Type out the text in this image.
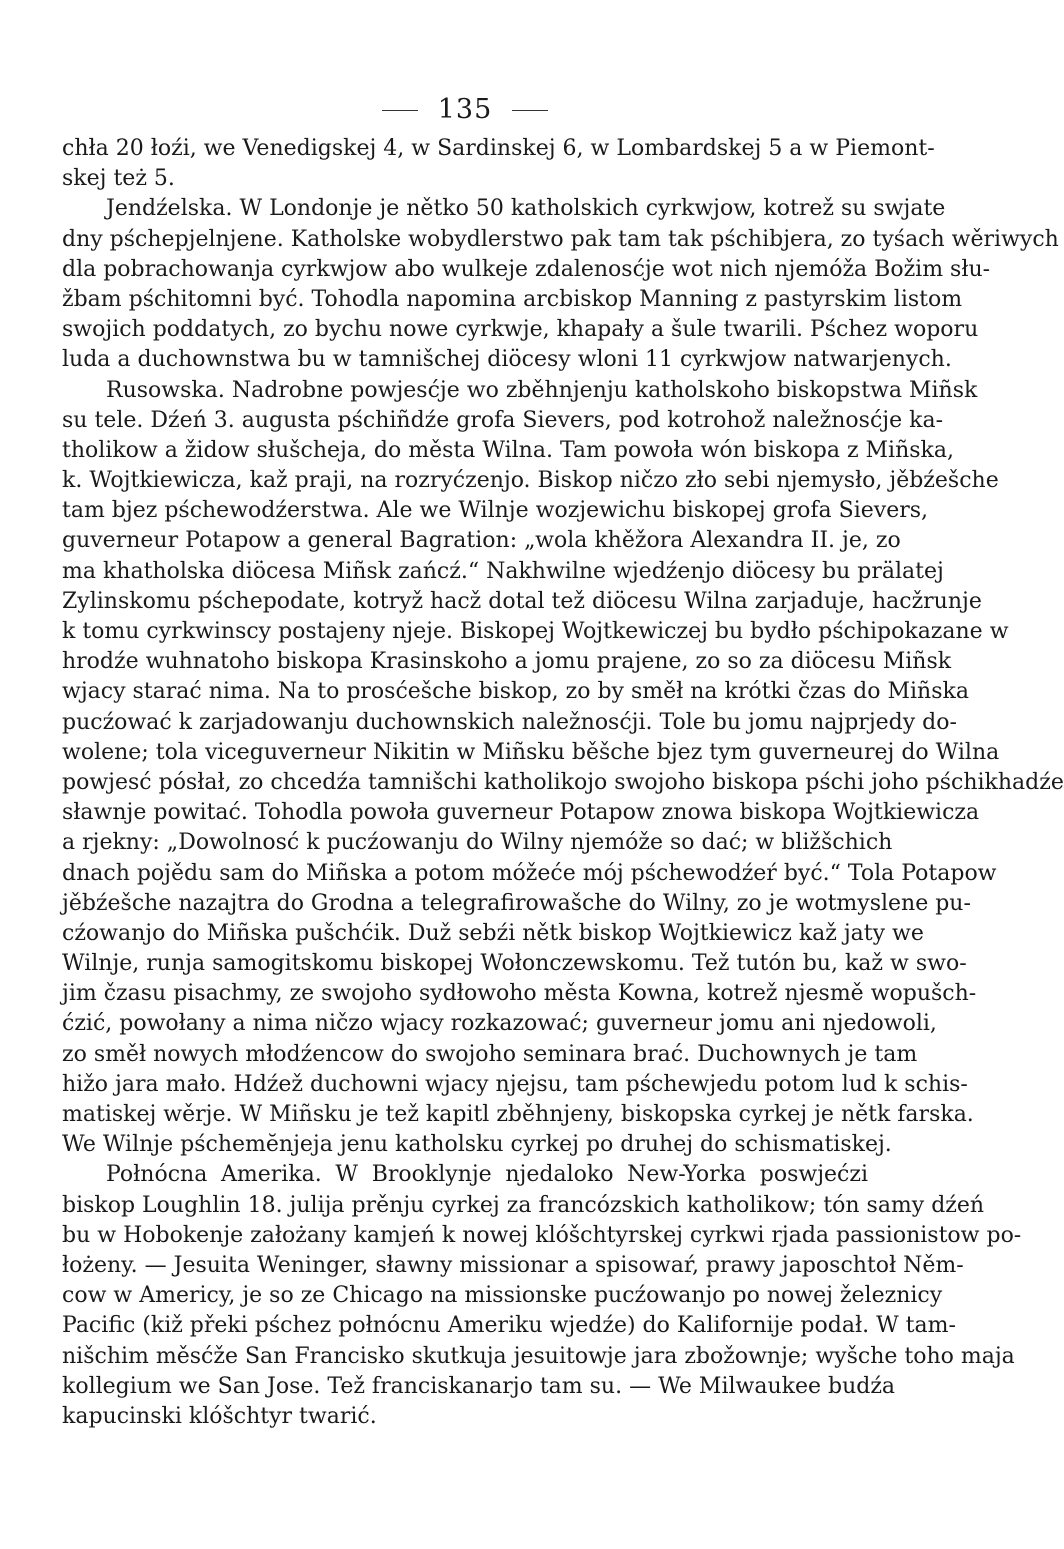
135
chła 20 łoźi, we Venedigskej 4, w Sardinskej 6, w Lombardskej 5 a w Piemont-
skej też 5.
Jendźelska. W Londonje je nětko 50 katholskich cyrkwjow, kotrež su swjate
dny pśchepjelnjene. Katholske wobydlerstwo pak tam tak pśchibjera, zo tyśach wěriwych
dla pobrachowanja cyrkwjow abo wulkeje zdalenosćje wot nich njemóža Božim słu-
žbam pśchitomni być. Tohodla napomina arcbiskop Manning z pastyrskim listom
swojich poddatych, zo bychu nowe cyrkwje, khapały a šule twarili. Pśchez woporu
luda a duchownstwa bu w tamnišchej diöcesy wloni 11 cyrkwjow natwarjenych.
Rusowska. Nadrobne powjesćje wo zběhnjenju katholskoho biskopstwa Miñsk
su tele. Dźeń 3. augusta pśchiñdźe grofa Sievers, pod kotrohož naležnosćje ka-
tholikow a židow słušcheja, do města Wilna. Tam powoła wón biskopa z Miñska,
k. Wojtkiewicza, kaž praji, na rozryćzenjo. Biskop ničzo zło sebi njemysło, jěbźešche
tam bjez pśchewodźerstwa. Ale we Wilnje wozjewichu biskopej grofa Sievers,
guverneur Potapow a general Bagration: „wola khěžora Alexandra II. je, zo
ma khatholska diöcesa Miñsk zańcź.“ Nakhwilne wjedźenjo diöcesy bu prälatej
Zylinskomu pśchepodate, kotryž hacž dotal tež diöcesu Wilna zarjaduje, hacžrunje
k tomu cyrkwinscy postajeny njeje. Biskopej Wojtkewiczej bu bydło pśchipokazane w
hrodźe wuhnatoho biskopa Krasinskoho a jomu prajene, zo so za diöcesu Miñsk
wjacy starać nima. Na to prosćešche biskop, zo by směł na krótki čzas do Miñska
pucźować k zarjadowanju duchownskich naležnosćji. Tole bu jomu najprjedy do-
wolene; tola viceguverneur Nikitin w Miñsku běšche bjez tym guverneurej do Wilna
powjesć pósłał, zo chcedźa tamnišchi katholikojo swojoho biskopa pśchi joho pśchikhadźe
sławnje powitać. Tohodla powoła guverneur Potapow znowa biskopa Wojtkiewicza
a rjekny: „Dowolnosć k pucźowanju do Wilny njemóže so dać; w bližšchich
dnach pojědu sam do Miñska a potom móžeće mój pśchewodźeŕ być.“ Tola Potapow
jěbźešche nazajtra do Grodna a telegrafirowašche do Wilny, zo je wotmyslene pu-
cźowanjo do Miñska pušchćik. Duž sebźi nětk biskop Wojtkiewicz kaž jaty we
Wilnje, runja samogitskomu biskopej Wołonczewskomu. Tež tutón bu, kaž w swo-
jim čzasu pisachmy, ze swojoho sydłowoho města Kowna, kotrež njesmě wopušch-
ćzić, powołany a nima ničzo wjacy rozkazować; guverneur jomu ani njedowoli,
zo směł nowych młodźencow do swojoho seminara brać. Duchownych je tam
hižo jara mało. Hdźež duchowni wjacy njejsu, tam pśchewjedu potom lud k schis-
matiskej wěrje. W Miñsku je tež kapitl zběhnjeny, biskopska cyrkej je nětk farska.
We Wilnje pśchemĕnjeja jenu katholsku cyrkej po druhej do schismatiskej.
Połnócna Amerika. W Brooklynje njedaloko New-Yorka poswjećzi
biskop Loughlin 18. julija prěnju cyrkej za francózskich katholikow; tón samy dźeń
bu w Hobokenje założany kamjeń k nowej klóšchtyrskej cyrkwi rjada passionistow po-
łożeny. — Jesuita Weninger, sławny missionar a spisowaŕ, prawy japoschtoł Něm-
cow w Americy, je so ze Chicago na missionske pucźowanjo po nowej železnicy
Pacific (kiž překi pśchez połnócnu Ameriku wjedźe) do Kalifornije podał. W tam-
nišchim měsćže San Francisko skutkuja jesuitowje jara zbožownje; wyšche toho maja
kollegium we San Jose. Tež franciskanarjo tam su. — We Milwaukee budźa
kapucinski klóšchtyr twarić.
